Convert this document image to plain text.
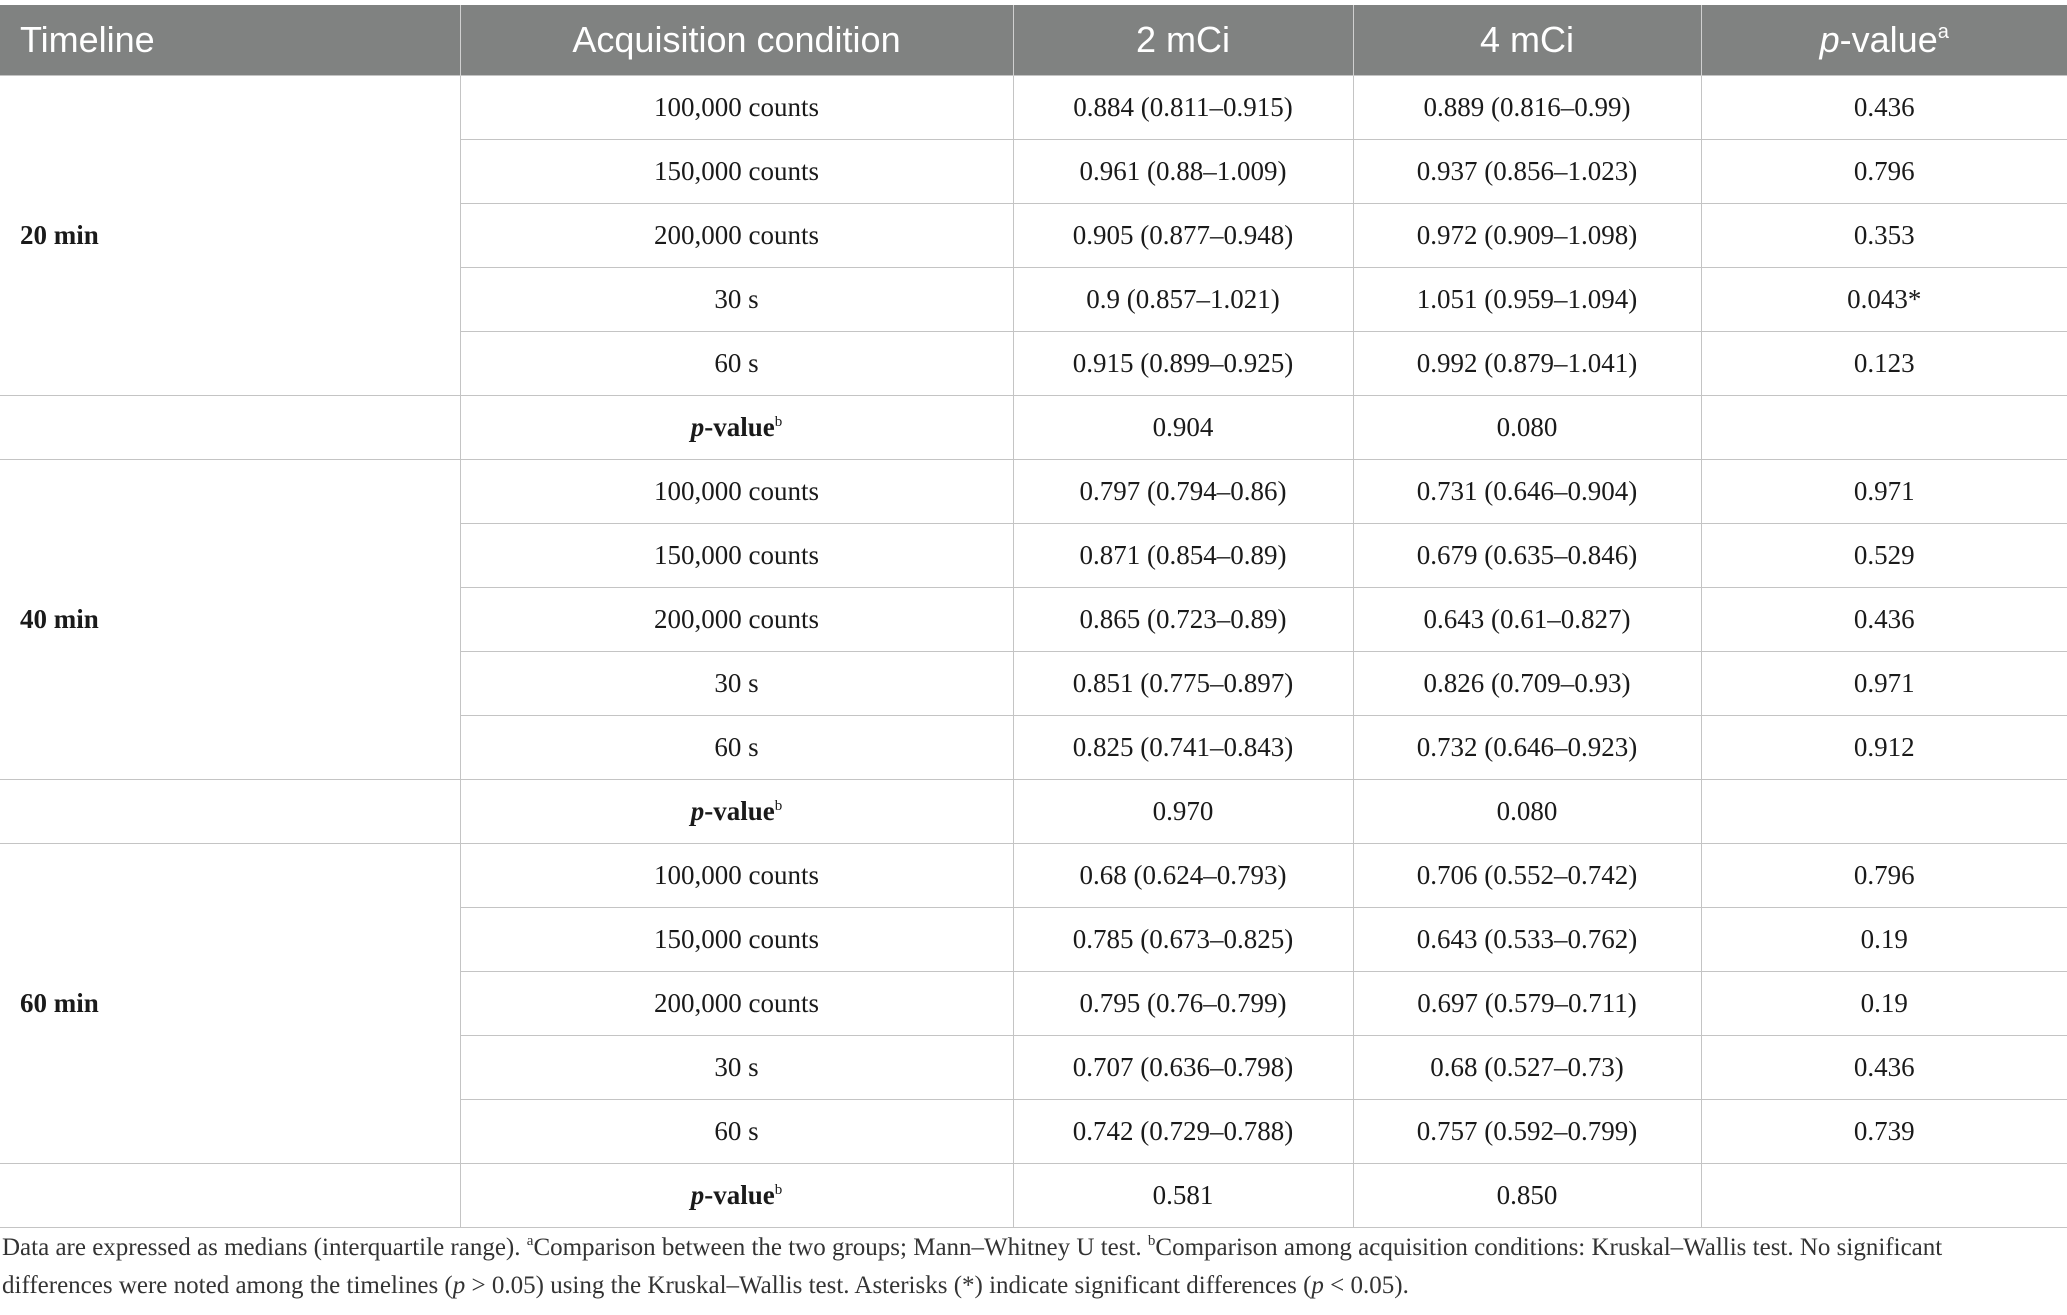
Timeline	Acquisition condition	2 mCi	4 mCi	p-value$^a$
20 min	100,000 counts	0.884 (0.811–0.915)	0.889 (0.816–0.99)	0.436
	150,000 counts	0.961 (0.88–1.009)	0.937 (0.856–1.023)	0.796
	200,000 counts	0.905 (0.877–0.948)	0.972 (0.909–1.098)	0.353
	30 s	0.9 (0.857–1.021)	1.051 (0.959–1.094)	0.043*
	60 s	0.915 (0.899–0.925)	0.992 (0.879–1.041)	0.123
	p-value$^b$	0.904	0.080	
40 min	100,000 counts	0.797 (0.794–0.86)	0.731 (0.646–0.904)	0.971
	150,000 counts	0.871 (0.854–0.89)	0.679 (0.635–0.846)	0.529
	200,000 counts	0.865 (0.723–0.89)	0.643 (0.61–0.827)	0.436
	30 s	0.851 (0.775–0.897)	0.826 (0.709–0.93)	0.971
	60 s	0.825 (0.741–0.843)	0.732 (0.646–0.923)	0.912
	p-value$^b$	0.970	0.080	
60 min	100,000 counts	0.68 (0.624–0.793)	0.706 (0.552–0.742)	0.796
	150,000 counts	0.785 (0.673–0.825)	0.643 (0.533–0.762)	0.19
	200,000 counts	0.795 (0.76–0.799)	0.697 (0.579–0.711)	0.19
	30 s	0.707 (0.636–0.798)	0.68 (0.527–0.73)	0.436
	60 s	0.742 (0.729–0.788)	0.757 (0.592–0.799)	0.739
	p-value$^b$	0.581	0.850	
Data are expressed as medians (interquartile range). $^a$Comparison between the two groups; Mann–Whitney U test. $^b$Comparison among acquisition conditions: Kruskal–Wallis test. No significant differences were noted among the timelines (p > 0.05) using the Kruskal–Wallis test. Asterisks (*) indicate significant differences (p < 0.05).
